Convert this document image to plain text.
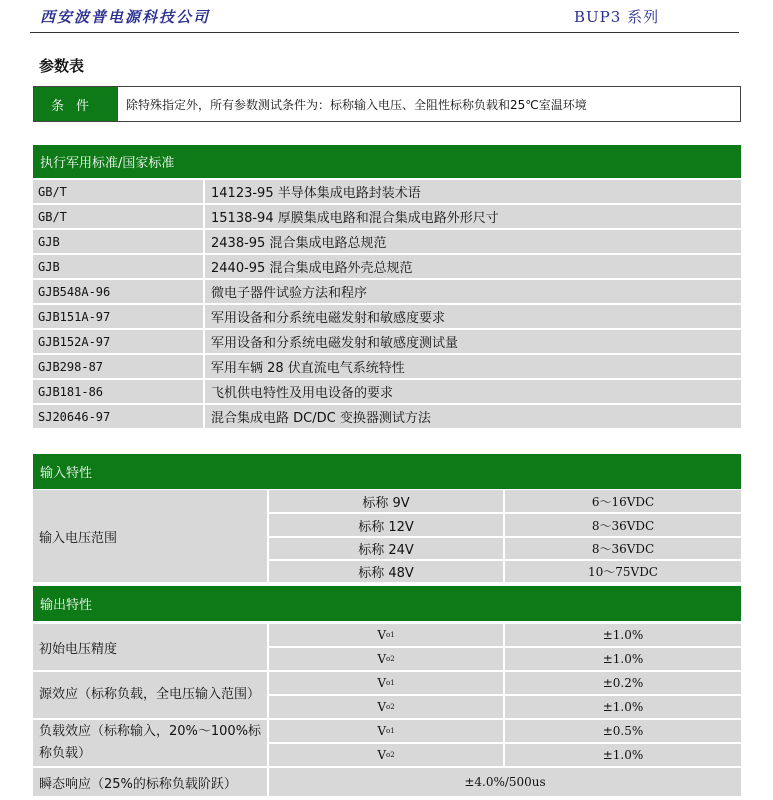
西安波普电源科技公司	BUP3 系列
参数表
条件	除特殊指定外，所有参数测试条件为：标称输入电压、全阻性标称负载和25℃室温环境
执行军用标准/国家标准
GB/T	14123-95 半导体集成电路封装术语
GB/T	15138-94 厚膜集成电路和混合集成电路外形尺寸
GJB	2438-95 混合集成电路总规范
GJB	2440-95 混合集成电路外壳总规范
GJB548A-96	微电子器件试验方法和程序
GJB151A-97	军用设备和分系统电磁发射和敏感度要求
GJB152A-97	军用设备和分系统电磁发射和敏感度测试量
GJB298-87	军用车辆 28 伏直流电气系统特性
GJB181-86	飞机供电特性及用电设备的要求
SJ20646-97	混合集成电路 DC/DC 变换器测试方法
输入特性
输入电压范围
标称 9V	6～16VDC
标称 12V	8～36VDC
标称 24V	8～36VDC
标称 48V	10～75VDC
输出特性
初始电压精度
V o1	±1.0%
V o2	±1.0%
源效应（标称负载，全电压输入范围）
V o1	±0.2%
V o2	±1.0%
负载效应（标称输入，20%～100%标称负载）
V o1	±0.5%
V o2	±1.0%
瞬态响应（25%的标称负载阶跃）	±4.0%/500us
